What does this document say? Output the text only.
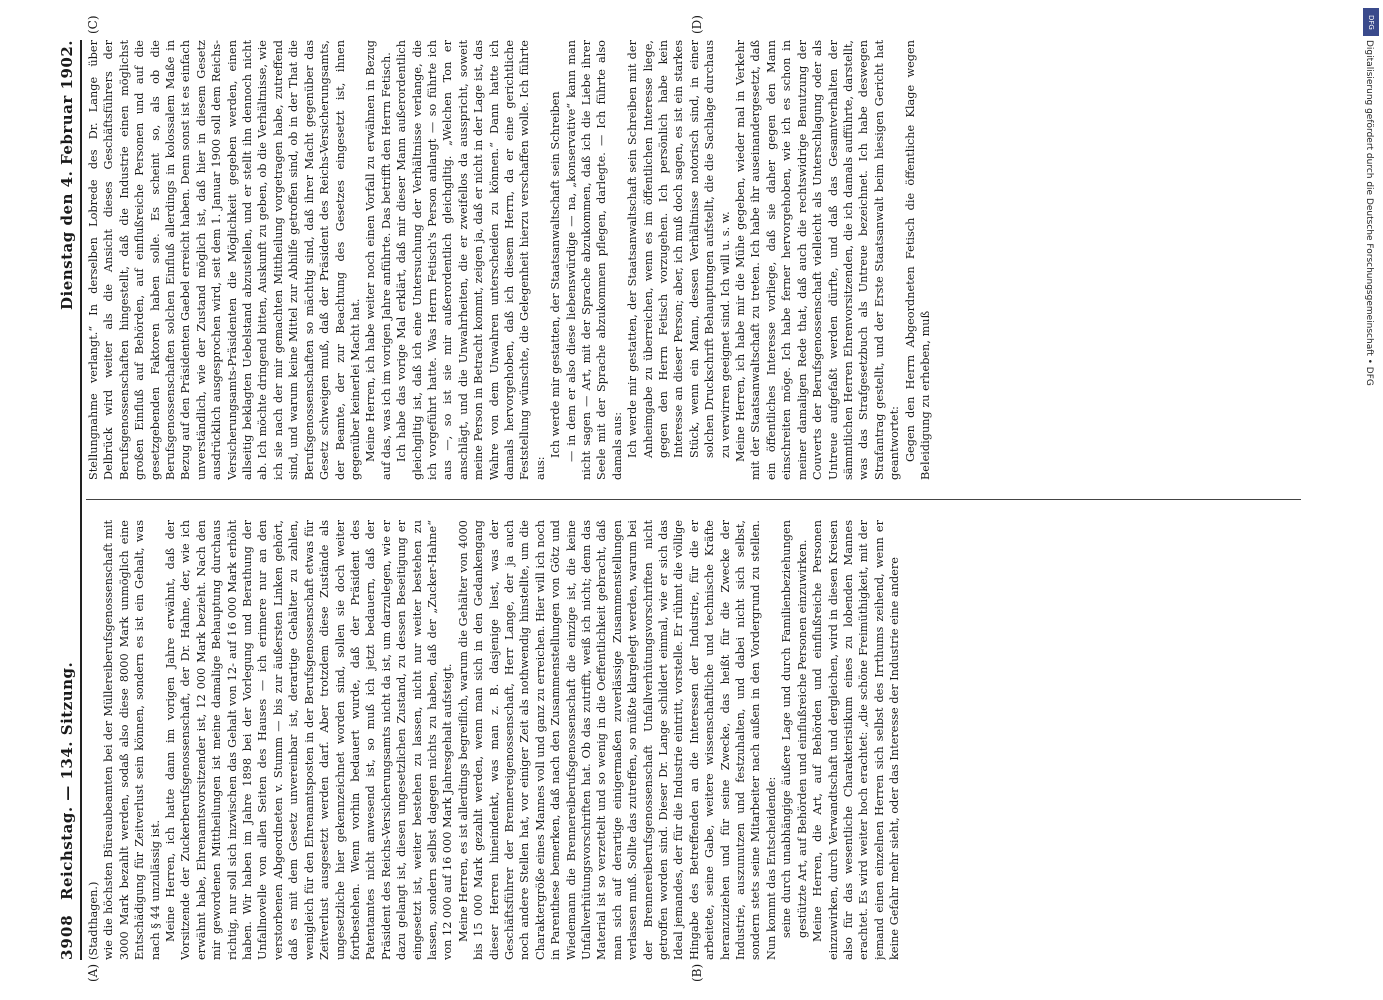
3908
Reichstag. — 134. Sitzung.
Dienstag den 4. Februar 1902.

(Stadthagen.) wie die höchsten Büreaubeamten bei der Müllereiberufsgenossenschaft mit 3000 Mark bezahlt werden, sodaß also diese 8000 Mark unmöglich eine Entschädigung für Zeitverlust sein können, sondern es ist ein Gehalt, was nach § 44 unzulässig ist. Meine Herren, ich hatte dann im vorigen Jahre erwähnt, daß der Vorsitzende der Zuckerberufsgenossenschaft, der Dr. Hahne, der, wie ich erwähnt habe, Ehrenamtsvorsitzender ist, 12 000 Mark bezieht. Nach den mir gewordenen Mittheilungen ist meine damalige Behauptung durchaus richtig, nur soll sich inzwischen das Gehalt von 12- auf 16 000 Mark erhöht haben. Wir haben im Jahre 1898 bei der Vorlegung und Berathung der Unfallnovelle von allen Seiten des Hauses — ich erinnere nur an den verstorbenen Abgeordneten v. Stumm — bis zur äußersten Linken gehört, daß es mit dem Gesetz unvereinbar ist, derartige Gehälter zu zahlen, wenigleich für den Ehrenamtsposten in der Berufsgenossenschaft etwas für Zeitverlust ausgesetzt werden darf. Aber trotzdem diese Zustände als ungesetzliche hier gekennzeichnet worden sind, sollen sie doch weiter fortbestehen. Wenn vorhin bedauert wurde, daß der Präsident des Patentamtes nicht anwesend ist, so muß ich jetzt bedauern, daß der Präsident des Reichs-Versicherungsamts nicht da ist, um darzulegen, wie er dazu gelangt ist, diesen ungesetzlichen Zustand, zu dessen Beseitigung er eingesetzt ist, weiter bestehen zu lassen, nicht nur weiter bestehen zu lassen, sondern selbst dagegen nichts zu haben, daß der „Zucker-Hahne“ von 12 000 auf 16 000 Mark Jahresgehalt aufsteigt. Meine Herren, es ist allerdings begreiflich, warum die Gehälter von 4000 bis 15 000 Mark gezahlt werden, wenn man sich in den Gedankengang dieser Herren hineindenkt, was man z. B. dasjenige liest, was der Geschäftsführer der Brennereigenossenschaft, Herr Lange, der ja auch noch andere Stellen hat, vor einiger Zeit als nothwendig hinstellte, um die Charaktergröße eines Mannes voll und ganz zu erreichen. Hier will ich noch in Parenthese bemerken, daß nach den Zusammenstellungen von Götz und Wiedemann die Brennereiberufsgenossenschaft die einzige ist, die keine Unfallverhütungsvorschriften hat. Ob das zutrifft, weiß ich nicht; denn das Material ist so verzettelt und so wenig in die Oeffentlichkeit gebracht, daß man sich auf derartige einigermaßen zuverlässige Zusammenstellungen verlassen muß. Sollte das zutreffen, so müßte klargelegt werden, warum bei der Brennereiberufsgenossenschaft Unfallverhütungsvorschriften nicht getroffen worden sind. Dieser Dr. Lange schildert einmal, wie er sich das Ideal jemandes, der für die Industrie eintritt, vorstelle. Er rühmt die völlige Hingabe des Betreffenden an die Interessen der Industrie, für die er arbeitete, seine Gabe, weitere wissenschaftliche und technische Kräfte heranzuziehen und für seine Zwecke, das heißt für die Zwecke der Industrie, auszunutzen und festzuhalten, und dabei nicht sich selbst, sondern stets seine Mitarbeiter nach außen in den Vordergrund zu stellen. Nun kommt das Entscheidende: seine durch unabhängige äußere Lage und durch Familienbeziehungen gestützte Art, auf Behörden und einflußreiche Personen einzuwirken. Meine Herren, die Art, auf Behörden und einflußreiche Personen einzuwirken, durch Verwandtschaft und dergleichen, wird in diesen Kreisen also für das wesentliche Charakteristikum eines zu lobenden Mannes erachtet. Es wird weiter hoch erachtet: „die schöne Freimüthigkeit, mit der jemand einen einzelnen Herren sich selbst des Irrthums zeihend, wenn er keine Gefahr mehr sieht, oder das Interesse der Industrie eine andere

Stellungnahme verlangt.“ In derselben Lobrede des Dr. Lange über Delbrück wird weiter als die Ansicht dieses Geschäftsführers der Berufsgenossenschaften hingestellt, daß die Industrie einen möglichst großen Einfluß auf Behörden, auf einflußreiche Personen und auf die gesetzgebenden Faktoren haben solle. Es scheint so, als ob die Berufsgenossenschaften solchen Einfluß allerdings in kolossalem Maße in Bezug auf den Präsidenten Gaebel erreicht haben. Denn sonst ist es einfach unverständlich, wie der Zustand möglich ist, daß hier in diesem Gesetz ausdrücklich ausgesprochen wird, seit dem 1. Januar 1900 soll dem Reichs-Versicherungsamts-Präsidenten die Möglichkeit gegeben werden, einen allseitig beklagten Uebelstand abzustellen, und er stellt ihn dennoch nicht ab. Ich möchte dringend bitten, Auskunft zu geben, ob die Verhältnisse, wie ich sie nach der mir gemachten Mittheilung vorgetragen habe, zutreffend sind, und warum keine Mittel zur Abhilfe getroffen sind, ob in der That die Berufsgenossenschaften so mächtig sind, daß ihrer Macht gegenüber das Gesetz schweigen muß, daß der Präsident des Reichs-Versicherungsamts, der Beamte, der zur Beachtung des Gesetzes eingesetzt ist, ihnen gegenüber keinerlei Macht hat. Meine Herren, ich habe weiter noch einen Vorfall zu erwähnen in Bezug auf das, was ich im vorigen Jahre anführte. Das betrifft den Herrn Fetisch. Ich habe das vorige Mal erklärt, daß mir dieser Mann außerordentlich gleichgiltig ist, daß ich eine Untersuchung der Verhältnisse verlange, die ich vorgeführt hatte. Was Herrn Fetisch's Person anlangt — so führte ich aus —, so ist sie mir außerordentlich gleichgiltig. „Welchen Ton er anschlägt, und die Unwahrheiten, die er zweifellos da ausspricht, soweit meine Person in Betracht kommt, zeigen ja, daß er nicht in der Lage ist, das Wahre von dem Unwahren unterscheiden zu können.“ Dann hatte ich damals hervorgehoben, daß ich diesem Herrn, da er eine gerichtliche Feststellung wünschte, die Gelegenheit hierzu verschaffen wolle. Ich führte aus:

Ich werde mir gestatten, der Staatsanwaltschaft sein Schreiben — in dem er also diese liebenswürdige — na, „konservative“ kann man nicht sagen — Art, mit der Sprache abzukommen, daß ich die Liebe ihrer Seele mit der Sprache abzukommen pflegen, darlegte. — Ich führte also damals aus: Ich werde mir gestatten, der Staatsanwaltschaft sein Schreiben mit der Anheimgabe zu überreichen, wenn es im öffentlichen Interesse liege, gegen den Herrn Fetisch vorzugehen. Ich persönlich habe kein Interesse an dieser Person; aber, ich muß doch sagen, es ist ein starkes Stück, wenn ein Mann, dessen Verhältnisse notorisch sind, in einer solchen Druckschrift Behauptungen aufstellt, die die Sachlage durchaus zu verwirren geeignet sind. Ich will u. s. w. Meine Herren, ich habe mir die Mühe gegeben, wieder mal in Verkehr mit der Staatsanwaltschaft zu treten. Ich habe ihr auseinandergesetzt, daß ein öffentliches Interesse vorliege, daß sie daher gegen den Mann einschreiten möge. Ich habe ferner hervorgehoben, wie ich es schon in meiner damaligen Rede that, daß auch die rechtswidrige Benutzung der Couverts der Berufsgenossenschaft vielleicht als Unterschlagung oder als Untreue aufgefaßt werden dürfte, und daß das Gesamtverhalten der sämmtlichen Herren Ehrenvorsitzenden, die ich damals aufführte, darstellt, was das Strafgesetzbuch als Untreue bezeichnet. Ich habe deswegen Strafantrag gestellt, und der Erste Staatsanwalt beim hiesigen Gericht hat geantwortet: Gegen den Herrn Abgeordneten Fetisch die öffentliche Klage wegen Beleidigung zu erheben, muß

(A)	(B)
(C)	(D)	DFG
Digitalisierung gefördert durch die Deutsche Forschungsgemeinschaft • DFG
